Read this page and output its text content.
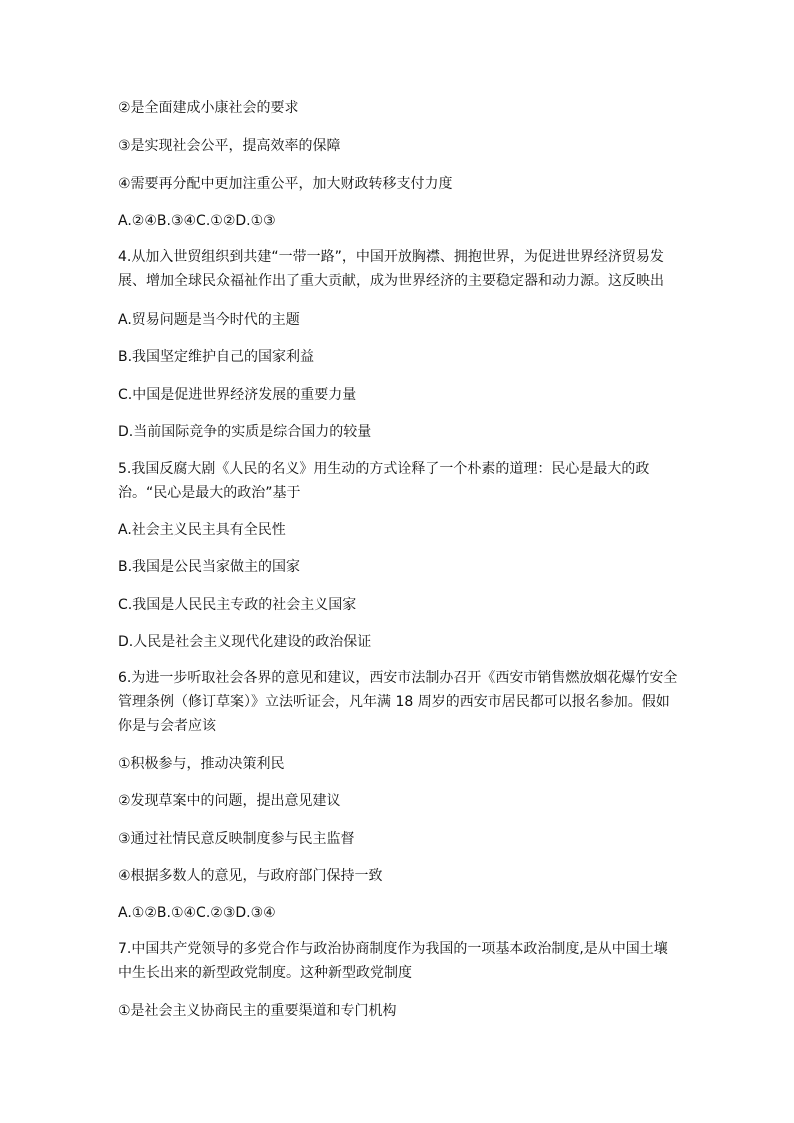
②是全面建成小康社会的要求
③是实现社会公平，提高效率的保障
④需要再分配中更加注重公平，加大财政转移支付力度
A.②④B.③④C.①②D.①③
4.从加入世贸组织到共建“一带一路”，中国开放胸襟、拥抱世界，为促进世界经济贸易发展、增加全球民众福祉作出了重大贡献，成为世界经济的主要稳定器和动力源。这反映出
A.贸易问题是当今时代的主题
B.我国坚定维护自己的国家利益
C.中国是促进世界经济发展的重要力量
D.当前国际竞争的实质是综合国力的较量
5.我国反腐大剧《人民的名义》用生动的方式诠释了一个朴素的道理：民心是最大的政治。“民心是最大的政治”基于
A.社会主义民主具有全民性
B.我国是公民当家做主的国家
C.我国是人民民主专政的社会主义国家
D.人民是社会主义现代化建设的政治保证
6.为进一步听取社会各界的意见和建议，西安市法制办召开《西安市销售燃放烟花爆竹安全管理条例（修订草案）》立法听证会，凡年满 18 周岁的西安市居民都可以报名参加。假如你是与会者应该
①积极参与，推动决策利民
②发现草案中的问题，提出意见建议
③通过社情民意反映制度参与民主监督
④根据多数人的意见，与政府部门保持一致
A.①②B.①④C.②③D.③④
7.中国共产党领导的多党合作与政治协商制度作为我国的一项基本政治制度,是从中国土壤中生长出来的新型政党制度。这种新型政党制度
①是社会主义协商民主的重要渠道和专门机构
